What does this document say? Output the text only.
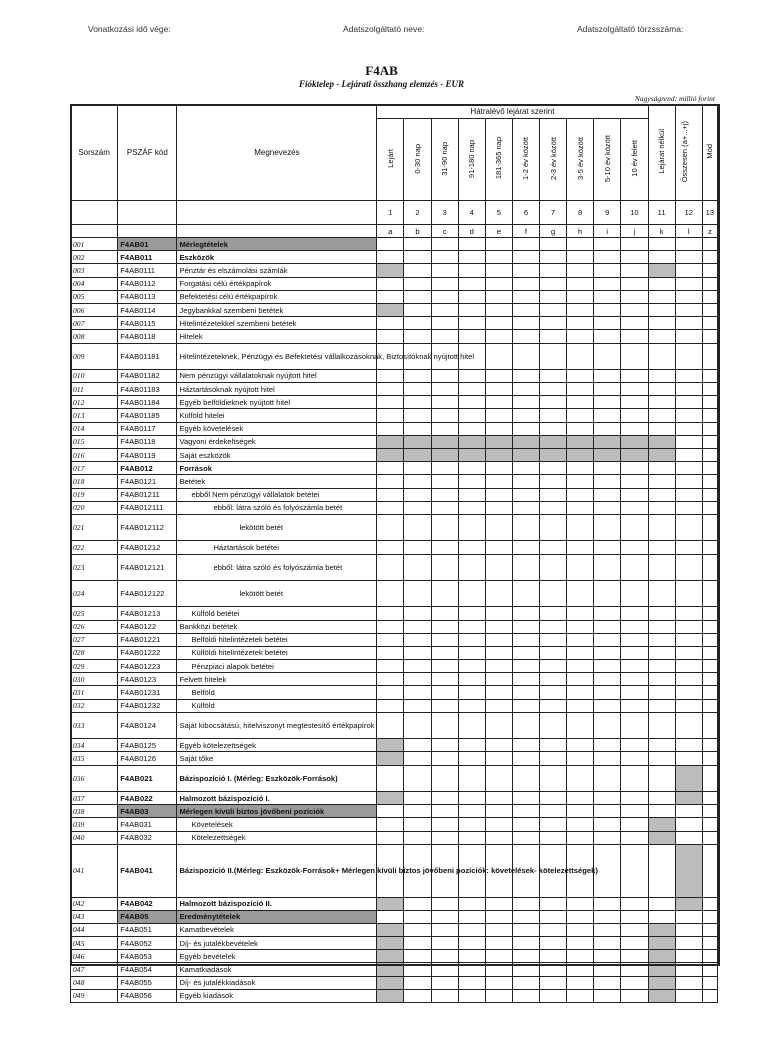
Vonatkozási idő vége:	Adatszolgáltató neve:	Adatszolgáltató törzsszáma:
F4AB
Fióktelep - Lejárati összhang elemzés - EUR
Nagyságrend: millió forint
Sorszám	PSZÁF kód	Megnevezés	Hátralévő lejárat szerint										Lejárat nélkül	Összesen (a+...+j)	Mód
			Lejárt	0-30 nap	31-90 nap	91-180 nap	181-365 nap	1-2 év között	2-3 év között	3-5 év között	5-10 év között	10 év felett			
			1	2	3	4	5	6	7	8	9	10	11	12	13
			a	b	c	d	e	f	g	h	i	j	k	l	z
001	F4AB01	Mérlegtételek													
002	F4AB011	Eszközök													
003	F4AB0111	Pénztár és elszámolási számlák													
004	F4AB0112	Forgatási célú értékpapírok													
005	F4AB0113	Befektetési célú értékpapírok													
006	F4AB0114	Jegybankkal szembeni betétek													
007	F4AB0115	Hitelintézetekkel szembeni betétek													
008	F4AB0118	Hitelek													
009	F4AB01181	Hitelintézeteknek, Pénzügyi és Befektetési vállalkozásoknak, Biztosítóknak nyújtott hitel													
010	F4AB01182	Nem pénzügyi vállalatoknak nyújtott hitel													
011	F4AB01183	Háztartásoknak nyújtott hitel													
012	F4AB01184	Egyéb belföldieknek nyújtott hitel													
013	F4AB01185	Külföld hitelei													
014	F4AB0117	Egyéb követelések													
015	F4AB0118	Vagyoni érdekeltségek													
016	F4AB0119	Saját eszközök													
017	F4AB012	Források													
018	F4AB0121	Betétek													
019	F4AB01211	ebből Nem pénzügyi vállalatok betétei													
020	F4AB012111	ebből: látra szóló és folyószámla betét													
021	F4AB012112	lekötött betét													
022	F4AB01212	Háztartások betétei													
023	F4AB012121	ebből: látra szóló és folyószámla betét													
024	F4AB012122	lekötött betét													
025	F4AB01213	Külföld betétei													
026	F4AB0122	Bankközi betétek													
027	F4AB01221	Belföldi hitelintézetek betétei													
028	F4AB01222	Külföldi hitelintézetek betétei													
029	F4AB01223	Pénzpiaci alapok betétei													
030	F4AB0123	Felvett hitelek													
031	F4AB01231	Belföld													
032	F4AB01232	Külföld													
033	F4AB0124	Saját kibocsátású, hitelviszonyt megtestesítő értékpapírok													
034	F4AB0125	Egyéb kötelezettségek													
035	F4AB0126	Saját tőke													
036	F4AB021	Bázispozíció I. (Mérleg: Eszközök-Források)													
037	F4AB022	Halmozott bázispozíció I.													
038	F4AB03	Mérlegen kívüli biztos jövőbeni pozíciók													
039	F4AB031	Követelések													
040	F4AB032	Kötelezettségek													
041	F4AB041	Bázispozíció II.(Mérleg: Eszközök-Források+ Mérlegen kívüli biztos jövőbeni pozíciók: követelések- kötelezettségek)													
042	F4AB042	Halmozott bázispozíció II.													
043	F4AB05	Eredménytételek													
044	F4AB051	Kamatbevételek													
045	F4AB052	Díj- és jutalékbevételek													
046	F4AB053	Egyéb bevételek													
047	F4AB054	Kamatkiadások													
048	F4AB055	Díj- és jutalékkiadások													
049	F4AB056	Egyéb kiadások													
